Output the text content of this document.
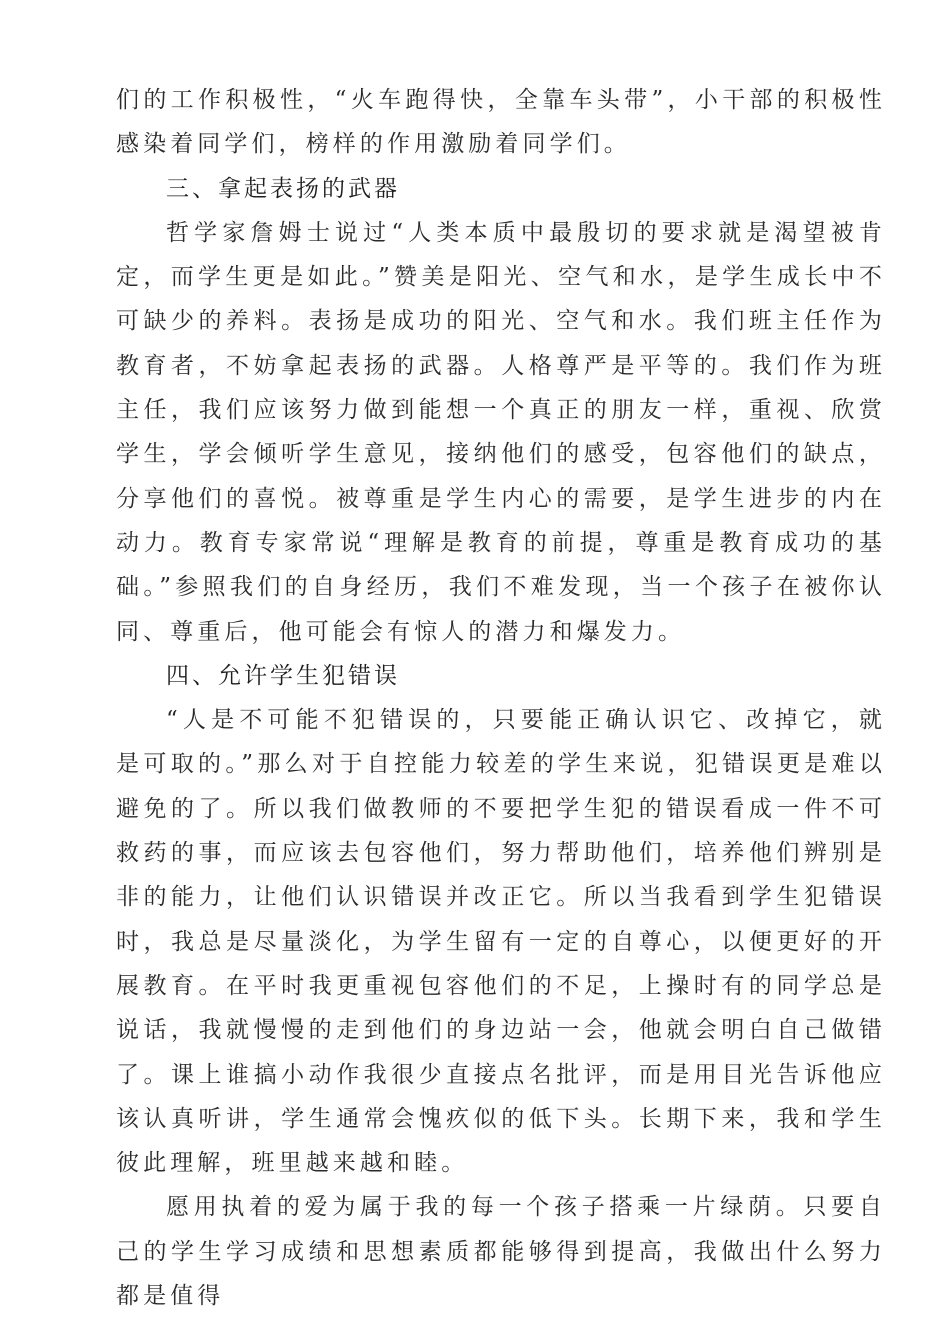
们的工作积极性，“火车跑得快，全靠车头带”，小干部的积极性感染着同学们，榜样的作用激励着同学们。

三、拿起表扬的武器

哲学家詹姆士说过“人类本质中最殷切的要求就是渴望被肯定，而学生更是如此。”赞美是阳光、空气和水，是学生成长中不可缺少的养料。表扬是成功的阳光、空气和水。我们班主任作为教育者，不妨拿起表扬的武器。人格尊严是平等的。我们作为班主任，我们应该努力做到能想一个真正的朋友一样，重视、欣赏学生，学会倾听学生意见，接纳他们的感受，包容他们的缺点，分享他们的喜悦。被尊重是学生内心的需要，是学生进步的内在动力。教育专家常说“理解是教育的前提，尊重是教育成功的基础。”参照我们的自身经历，我们不难发现，当一个孩子在被你认同、尊重后，他可能会有惊人的潜力和爆发力。

四、允许学生犯错误

“人是不可能不犯错误的，只要能正确认识它、改掉它，就是可取的。”那么对于自控能力较差的学生来说，犯错误更是难以避免的了。所以我们做教师的不要把学生犯的错误看成一件不可救药的事，而应该去包容他们，努力帮助他们，培养他们辨别是非的能力，让他们认识错误并改正它。所以当我看到学生犯错误时，我总是尽量淡化，为学生留有一定的自尊心，以便更好的开展教育。在平时我更重视包容他们的不足，上操时有的同学总是说话，我就慢慢的走到他们的身边站一会，他就会明白自己做错了。课上谁搞小动作我很少直接点名批评，而是用目光告诉他应该认真听讲，学生通常会愧疚似的低下头。长期下来，我和学生彼此理解，班里越来越和睦。

愿用执着的爱为属于我的每一个孩子搭乘一片绿荫。只要自己的学生学习成绩和思想素质都能够得到提高，我做出什么努力都是值得
